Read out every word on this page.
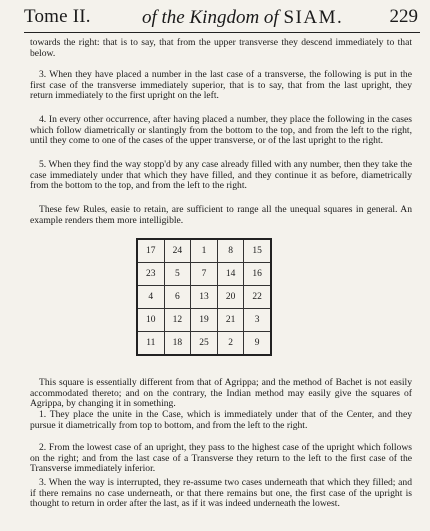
Tome II.	of the Kingdom of SIAM. 229

towards the right: that is to say, that from the upper transverse they descend immediately to that below.

3. When they have placed a number in the last case of a transverse, the following is put in the first case of the transverse immediately superior, that is to say, that from the last upright, they return immediately to the first upright on the left.

4. In every other occurrence, after having placed a number, they place the following in the cases which follow diametrically or slantingly from the bottom to the top, and from the left to the right, until they come to one of the cases of the upper transverse, or of the last upright to the right.

5. When they find the way stopp'd by any case already filled with any number, then they take the case immediately under that which they have filled, and they continue it as before, diametrically from the bottom to the top, and from the left to the right.

These few Rules, easie to retain, are sufficient to range all the unequal squares in general. An example renders them more intelligible.

17	24	1	8	15
23	5	7	14	16
4	6	13	20	22
10	12	19	21	3
11	18	25	2	9

This square is essentially different from that of Agrippa; and the method of Bachet is not easily accommodated thereto; and on the contrary, the Indian method may easily give the squares of Agrippa, by changing it in something.

1. They place the unite in the Case, which is immediately under that of the Center, and they pursue it diametrically from top to bottom, and from the left to the right.

2. From the lowest case of an upright, they pass to the highest case of the upright which follows on the right; and from the last case of a Transverse they return to the left to the first case of the Transverse immediately inferior.

3. When the way is interrupted, they re-assume two cases underneath that which they filled; and if there remains no case underneath, or that there remains but one, the first case of the upright is thought to return in order after the last, as if it was indeed underneath the lowest.
